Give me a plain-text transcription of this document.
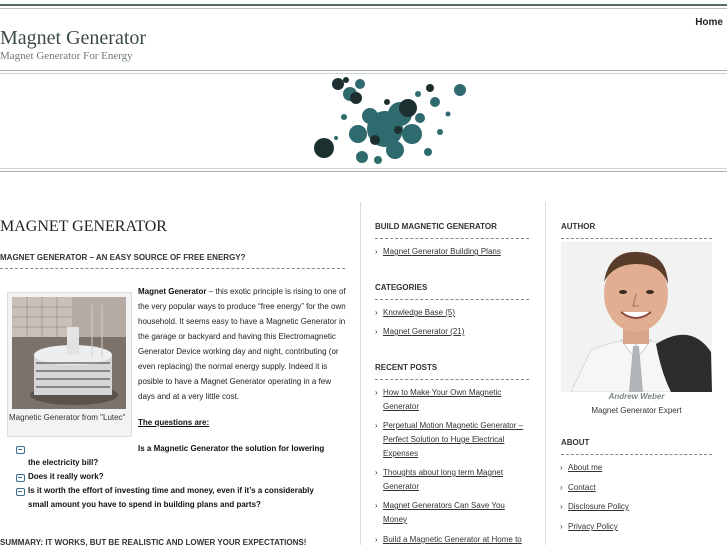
Home
Magnet Generator
Magnet Generator For Energy
MAGNET GENERATOR
MAGNET GENERATOR – AN EASY SOURCE OF FREE ENERGY?
Magnetic Generator from "Lutec"
Magnet Generator – this exotic principle is rising to one of the very popular ways to produce “free energy” for the own household. It seems easy to have a Magnetic Generator in the garage or backyard and having this Electromagnetic Generator Device working day and night, contributing (or even replacing) the normal energy supply. Indeed it is posible to have a Magnet Generator operating in a few days and at a very little cost.
The questions are:
Is a Magnetic Generator the solution for lowering
the electricity bill?
Does it really work?
Is it worth the effort of investing time and money, even if it’s a considerably
small amount you have to spend in building plans and parts?
SUMMARY: IT WORKS, BUT BE REALISTIC AND LOWER YOUR EXPECTATIONS!
BUILD MAGNETIC GENERATOR
› Magnet Generator Building Plans
CATEGORIES
› Knowledge Base (5)
› Magnet Generator (21)
RECENT POSTS
› How to Make Your Own Magnetic
Generator
› Perpetual Motion Magnetic Generator –
Perfect Solution to Huge Electrical
Expenses
› Thoughts about long term Magnet
Generator
› Magnet Generators Can Save You
Money
› Build a Magnetic Generator at Home to
AUTHOR
Andrew Weber
Magnet Generator Expert
ABOUT
› About me
› Contact
› Disclosure Policy
› Privacy Policy
